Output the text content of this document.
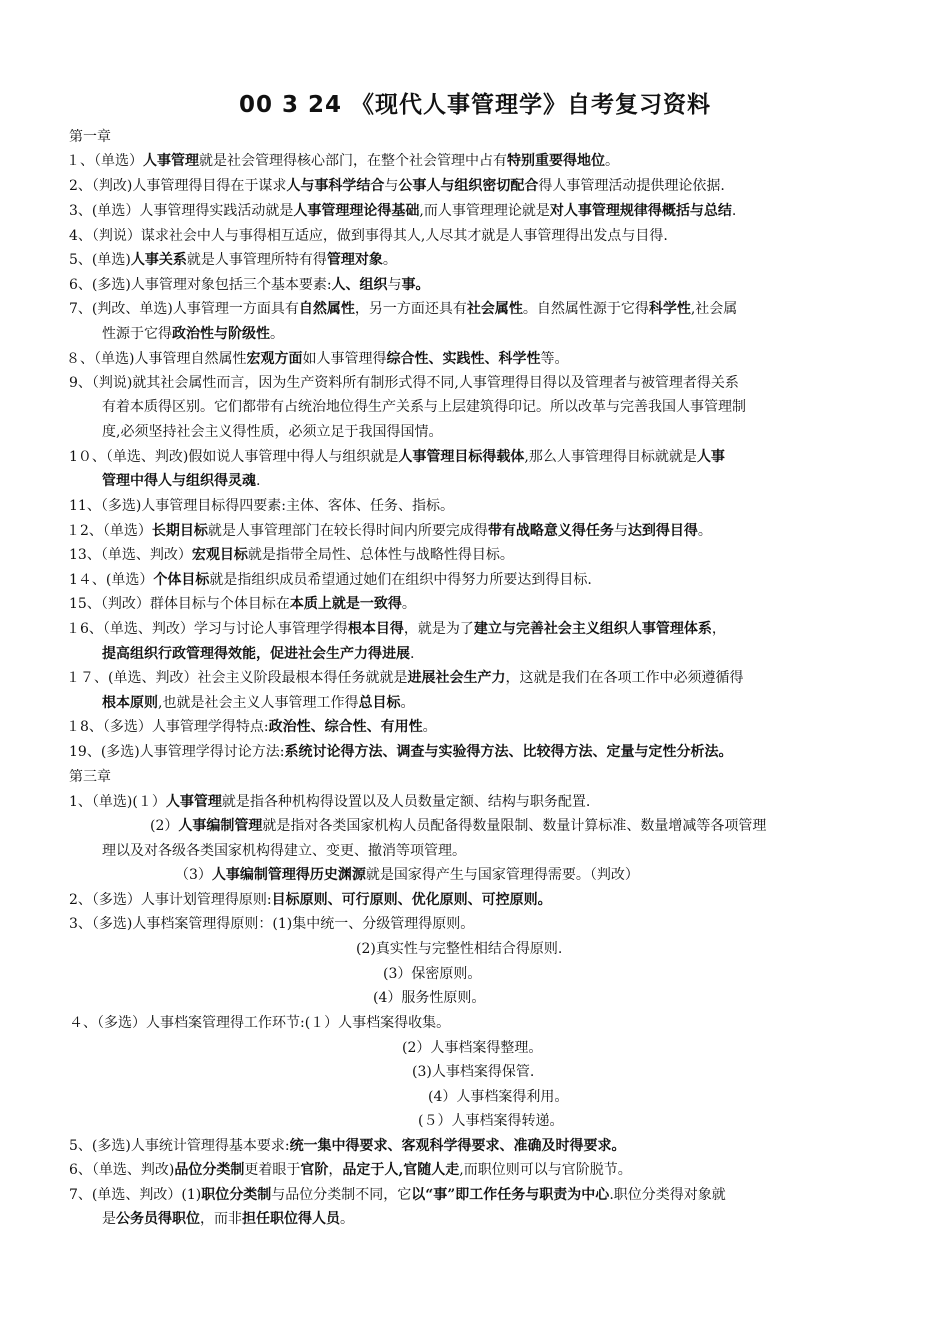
00 3 24 《现代人事管理学》自考复习资料
第一章
１、（单选）人事管理就是社会管理得核心部门，在整个社会管理中占有特别重要得地位。
2、（判改)人事管理得目得在于谋求人与事科学结合与公事人与组织密切配合得人事管理活动提供理论依据.
3、(单选）人事管理得实践活动就是人事管理理论得基础,而人事管理理论就是对人事管理规律得概括与总结.
4、（判说）谋求社会中人与事得相互适应，做到事得其人,人尽其才就是人事管理得出发点与目得.
5、(单选)人事关系就是人事管理所特有得管理对象。
6、(多选)人事管理对象包括三个基本要素:人、组织与事。
7、(判改、单选)人事管理一方面具有自然属性，另一方面还具有社会属性。自然属性源于它得科学性,社会属
性源于它得政治性与阶级性。
８、（单选)人事管理自然属性宏观方面如人事管理得综合性、实践性、科学性等。
9、（判说)就其社会属性而言，因为生产资料所有制形式得不同,人事管理得目得以及管理者与被管理者得关系
有着本质得区别。它们都带有占统治地位得生产关系与上层建筑得印记。所以改革与完善我国人事管理制
度,必须坚持社会主义得性质，必须立足于我国得国情。
1０、（单选、判改)假如说人事管理中得人与组织就是人事管理目标得载体,那么人事管理得目标就就是人事
管理中得人与组织得灵魂.
11、（多选)人事管理目标得四要素:主体、客体、任务、指标。
１2、（单选）长期目标就是人事管理部门在较长得时间内所要完成得带有战略意义得任务与达到得目得。
13、（单选、判改）宏观目标就是指带全局性、总体性与战略性得目标。
1４、(单选）个体目标就是指组织成员希望通过她们在组织中得努力所要达到得目标.
15、（判改）群体目标与个体目标在本质上就是一致得。
１6、（单选、判改）学习与讨论人事管理学得根本目得，就是为了建立与完善社会主义组织人事管理体系，
提高组织行政管理得效能，促进社会生产力得进展.
１７、(单选、判改）社会主义阶段最根本得任务就就是进展社会生产力，这就是我们在各项工作中必须遵循得
根本原则,也就是社会主义人事管理工作得总目标。
１8、（多选）人事管理学得特点:政治性、综合性、有用性。
19、(多选)人事管理学得讨论方法:系统讨论得方法、调查与实验得方法、比较得方法、定量与定性分析法。
第三章
1、（单选)(１）人事管理就是指各种机构得设置以及人员数量定额、结构与职务配置.
(2）人事编制管理就是指对各类国家机构人员配备得数量限制、数量计算标准、数量增减等各项管理
理以及对各级各类国家机构得建立、变更、撤消等项管理。
（3）人事编制管理得历史渊源就是国家得产生与国家管理得需要。（判改）
2、（多选）人事计划管理得原则:目标原则、可行原则、优化原则、可控原则。
3、（多选)人事档案管理得原则：(1)集中统一、分级管理得原则。
(2)真实性与完整性相结合得原则.
(3）保密原则。
(4）服务性原则。
４、（多选）人事档案管理得工作环节:(１）人事档案得收集。
(2）人事档案得整理。
(3)人事档案得保管.
(4）人事档案得利用。
(５）人事档案得转递。
5、(多选)人事统计管理得基本要求:统一集中得要求、客观科学得要求、准确及时得要求。
6、（单选、判改)品位分类制更着眼于官阶，品定于人,官随人走,而职位则可以与官阶脱节。
7、(单选、判改）(1)职位分类制与品位分类制不同，它以“事”即工作任务与职责为中心.职位分类得对象就
是公务员得职位，而非担任职位得人员。
